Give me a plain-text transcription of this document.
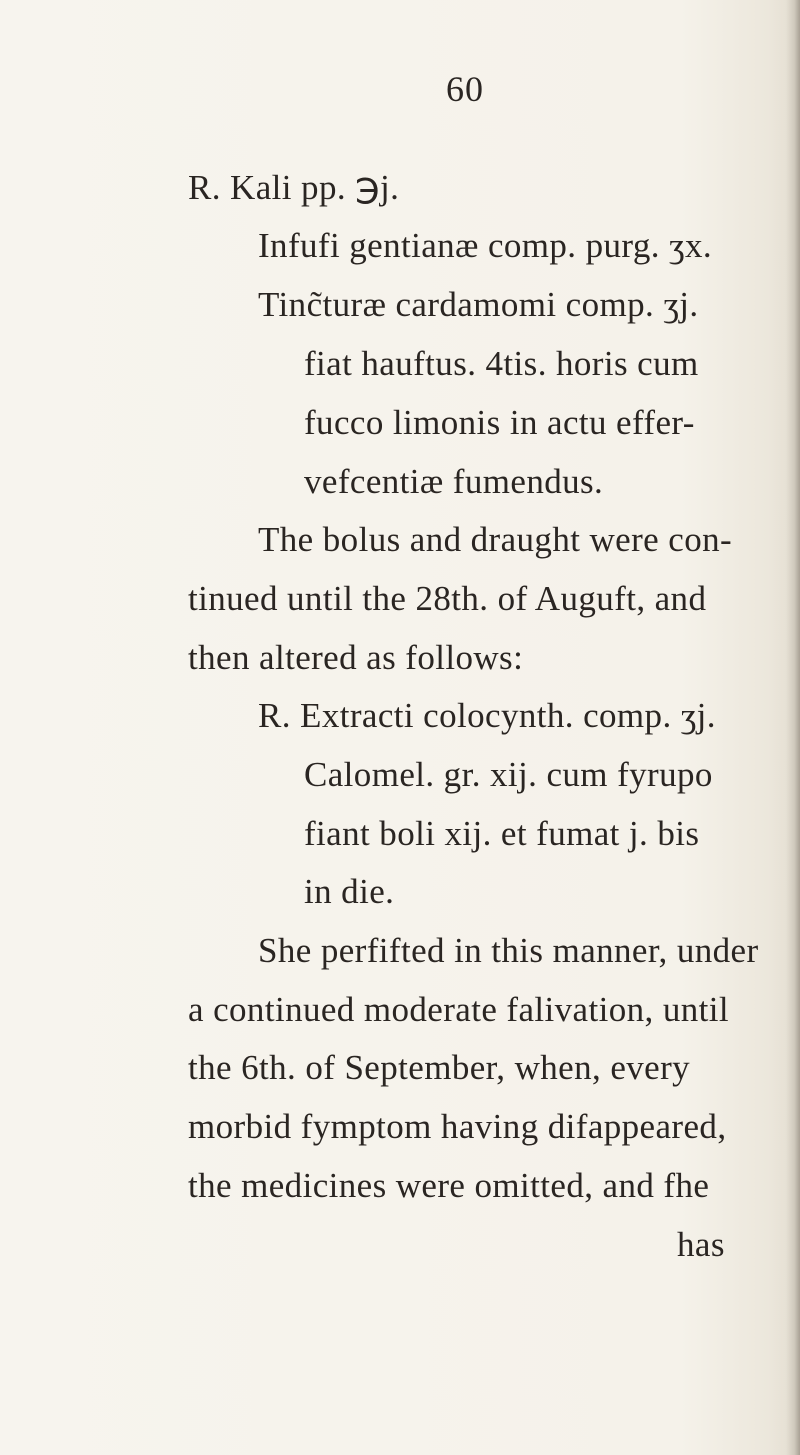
60
R. Kali pp. ℈j.
Infufi gentianæ comp. purg. ʒx.
Tinc̃turæ cardamomi comp. ʒj.
fiat hauftus. 4tis. horis cum
fucco limonis in actu effer-
vefcentiæ fumendus.
The bolus and draught were con-
tinued until the 28th. of Auguft, and
then altered as follows:
R. Extracti colocynth. comp. ʒj.
Calomel. gr. xij. cum fyrupo
fiant boli xij. et fumat j. bis
in die.
She perfifted in this manner, under
a continued moderate falivation, until
the 6th. of September, when, every
morbid fymptom having difappeared,
the medicines were omitted, and fhe
has
